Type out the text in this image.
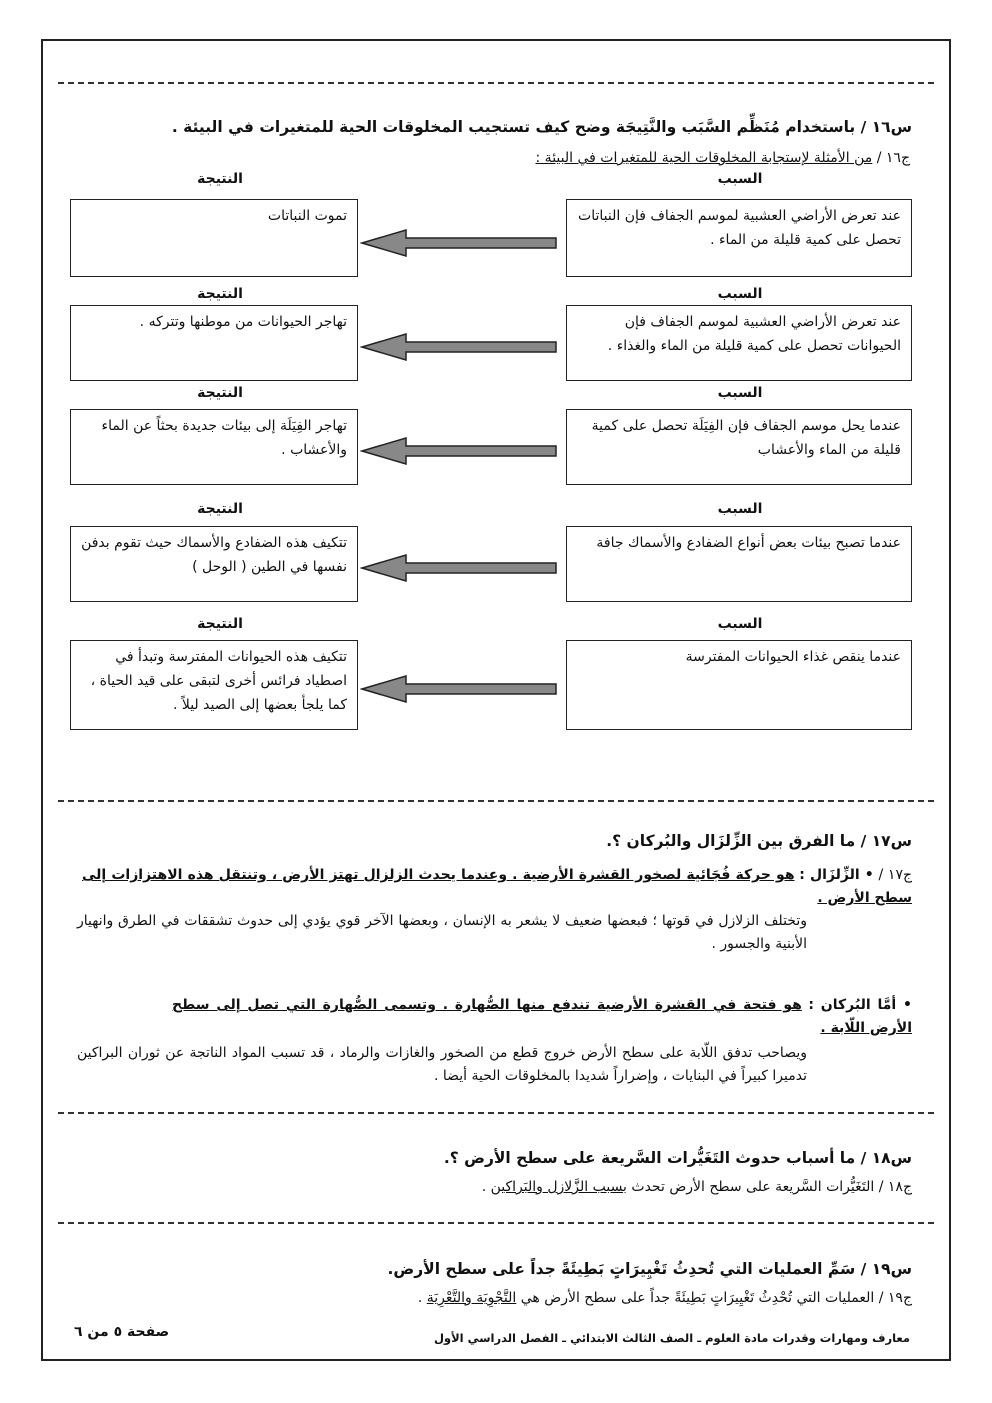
س١٦ / باستخدام مُنَظِّم السَّبَب والنَّتِيجَة وضح كيف تستجيب المخلوقات الحية للمتغيرات في البيئة .
ج١٦ / من الأمثلة لإستجابة المخلوقات الحية للمتغيرات في البيئة :
السبب
النتيجة
عند تعرض الأراضي العشبية لموسم الجفاف فإن النباتات تحصل على كمية قليلة من الماء .
تموت النباتات
السبب
النتيجة
عند تعرض الأراضي العشبية لموسم الجفاف فإن الحيوانات تحصل على كمية قليلة من الماء والغذاء .
تهاجر الحيوانات من موطنها وتتركه .
السبب
النتيجة
عندما يحل موسم الجفاف فإن الفِيَلَة تحصل على كمية قليلة من الماء والأعشاب
تهاجر الفِيَلَة إلى بيئات جديدة بحثاً عن الماء والأعشاب .
السبب
النتيجة
عندما تصبح بيئات بعض أنواع الضفادع والأسماك جافة
تتكيف هذه الضفادع والأسماك حيث تقوم بدفن نفسها في الطين ( الوحل )
السبب
النتيجة
عندما ينقص غذاء الحيوانات المفترسة
تتكيف هذه الحيوانات المفترسة وتبدأ في اصطياد فرائس أخرى لتبقى على قيد الحياة ، كما يلجأ بعضها إلى الصيد ليلاً .
س١٧ / ما الفرق بين الزِّلزَال والبُركان ؟.
ج١٧ / • الزِّلزَال : هو حركة فُجَائية لصخور القشرة الأرضية . وعندما يحدث الزلزال تهتز الأرض ، وتنتقل هذه الاهتزازات إلى سطح الأرض .
وتختلف الزلازل في قوتها ؛ فبعضها ضعيف لا يشعر به الإنسان ، وبعضها الآخر قوي يؤدي إلى حدوث تشققات في الطرق وانهيار الأبنية والجسور .
• أمَّا البُركان : هو فتحة في القشرة الأرضية تندفع منها الصُّهارة . وتسمى الصُّهارة التي تصل إلى سطح الأرض اللّابة .
ويصاحب تدفق اللّابة على سطح الأرض خروج قطع من الصخور والغازات والرماد ، قد تسبب المواد الناتجة عن ثوران البراكين تدميرا كبيراً في البنايات ، وإضراراً شديدا بالمخلوقات الحية أيضا .
س١٨ / ما أسباب حدوث التَغَيُّرات السَّريعة على سطح الأرض ؟.
ج١٨ / التَغَيُّرات السَّريعة على سطح الأرض تحدث بسبب الزَّلازل والبَراكين .
س١٩ / سَمِّ العمليات التي تُحدِثُ تَغْيِيرَاتٍ بَطِيئَةً جداً على سطح الأرض.
ج١٩ / العمليات التي تُحْدِثُ تَغْيِيرَاتٍ بَطِيئَةً جداً على سطح الأرض هي التَّجْوِيَة والتَّعْرِيَة .
معارف ومهارات وقدرات مادة العلوم ـ الصف الثالث الابتدائي ـ الفصل الدراسي الأول
صفحة ٥ من ٦
